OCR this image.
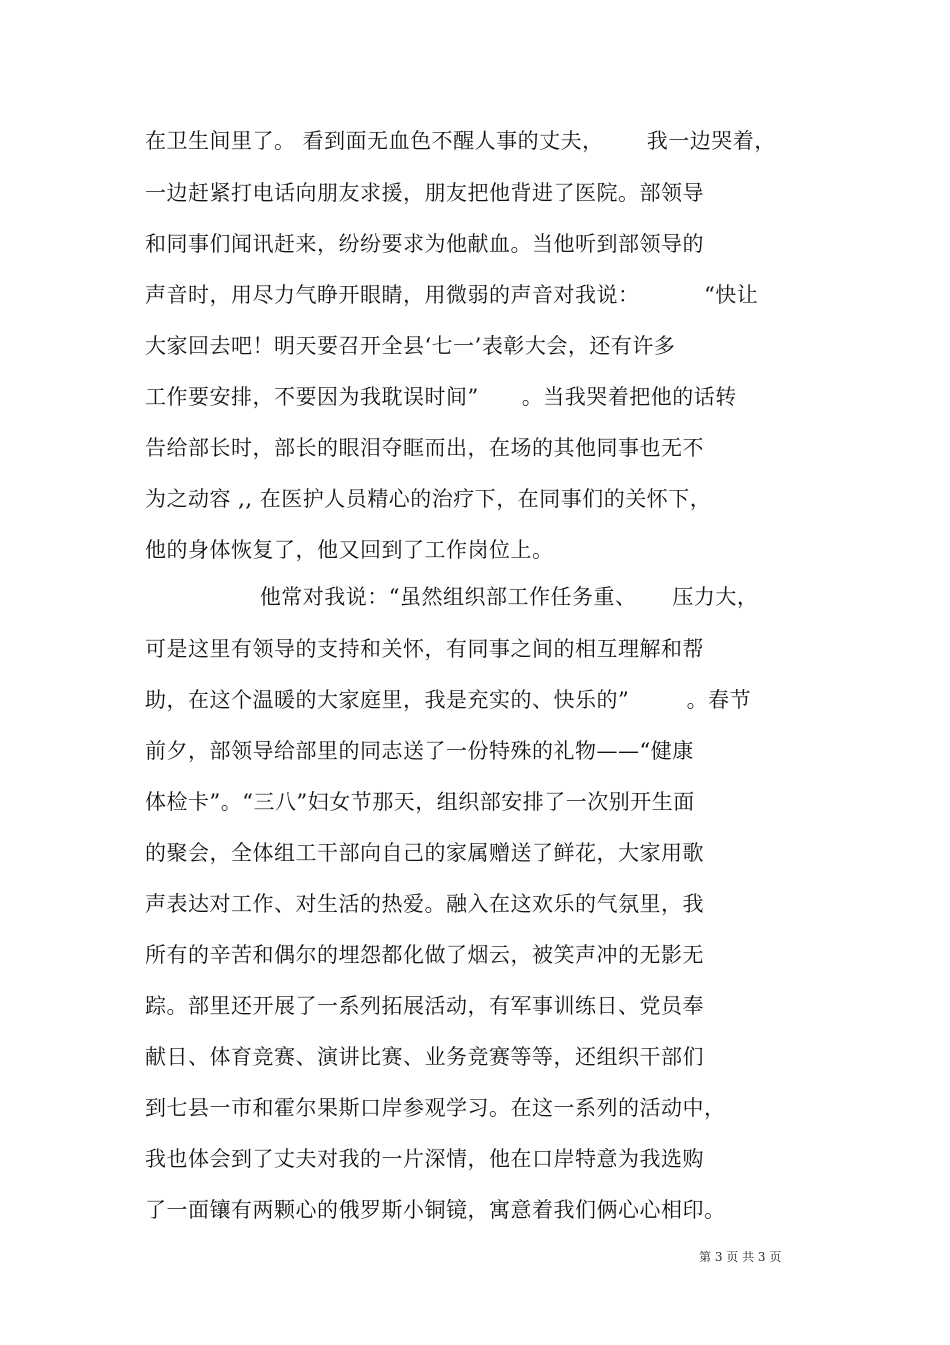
在卫生间里了。 看到面无血色不醒人事的丈夫，      我一边哭着，
一边赶紧打电话向朋友求援，朋友把他背进了医院。部领导
和同事们闻讯赶来，纷纷要求为他献血。当他听到部领导的
声音时，用尽力气睁开眼睛，用微弱的声音对我说：         “快让
大家回去吧！明天要召开全县‘七一’表彰大会，还有许多
工作要安排，不要因为我耽误时间”      。当我哭着把他的话转
告给部长时，部长的眼泪夺眶而出，在场的其他同事也无不
为之动容 ,, 在医护人员精心的治疗下，在同事们的关怀下，
他的身体恢复了，他又回到了工作岗位上。
他常对我说：“虽然组织部工作任务重、     压力大，
可是这里有领导的支持和关怀，有同事之间的相互理解和帮
助，在这个温暖的大家庭里，我是充实的、快乐的”        。春节
前夕，部领导给部里的同志送了一份特殊的礼物——“健康
体检卡”。“三八”妇女节那天，组织部安排了一次别开生面
的聚会，全体组工干部向自己的家属赠送了鲜花，大家用歌
声表达对工作、对生活的热爱。融入在这欢乐的气氛里，我
所有的辛苦和偶尔的埋怨都化做了烟云，被笑声冲的无影无
踪。部里还开展了一系列拓展活动，有军事训练日、党员奉
献日、体育竞赛、演讲比赛、业务竞赛等等，还组织干部们
到七县一市和霍尔果斯口岸参观学习。在这一系列的活动中，
我也体会到了丈夫对我的一片深情，他在口岸特意为我选购
了一面镶有两颗心的俄罗斯小铜镜，寓意着我们俩心心相印。
第 3 页 共 3 页
